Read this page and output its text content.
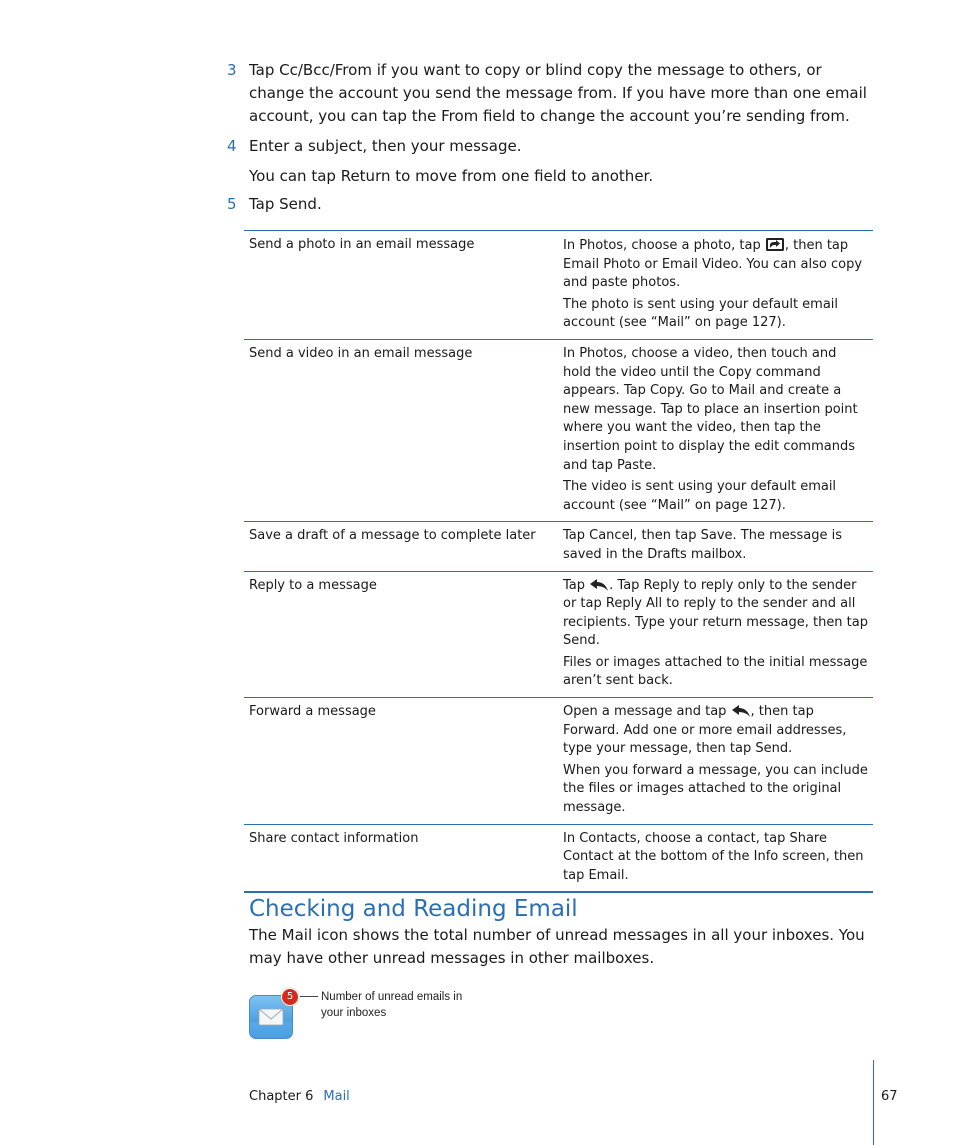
3 Tap Cc/Bcc/From if you want to copy or blind copy the message to others, or change the account you send the message from. If you have more than one email account, you can tap the From field to change the account you’re sending from.
4 Enter a subject, then your message.
You can tap Return to move from one field to another.
5 Tap Send.
Send a photo in an email message	In Photos, choose a photo, tap , then tap Email Photo or Email Video. You can also copy and paste photos.

The photo is sent using your default email account (see “Mail” on page 127).

Send a video in an email message	In Photos, choose a video, then touch and hold the video until the Copy command appears. Tap Copy. Go to Mail and create a new message. Tap to place an insertion point where you want the video, then tap the insertion point to display the edit commands and tap Paste.

The video is sent using your default email account (see “Mail” on page 127).

Save a draft of a message to complete later	Tap Cancel, then tap Save. The message is saved in the Drafts mailbox.

Reply to a message	Tap . Tap Reply to reply only to the sender or tap Reply All to reply to the sender and all recipients. Type your return message, then tap Send.

Files or images attached to the initial message aren’t sent back.

Forward a message	Open a message and tap , then tap Forward. Add one or more email addresses, type your message, then tap Send.

When you forward a message, you can include the files or images attached to the original message.

Share contact information	In Contacts, choose a contact, tap Share Contact at the bottom of the Info screen, then tap Email.

Checking and Reading Email
The Mail icon shows the total number of unread messages in all your inboxes. You may have other unread messages in other mailboxes.
5	Number of unread emails in your inboxes
Chapter 6 Mail	67
